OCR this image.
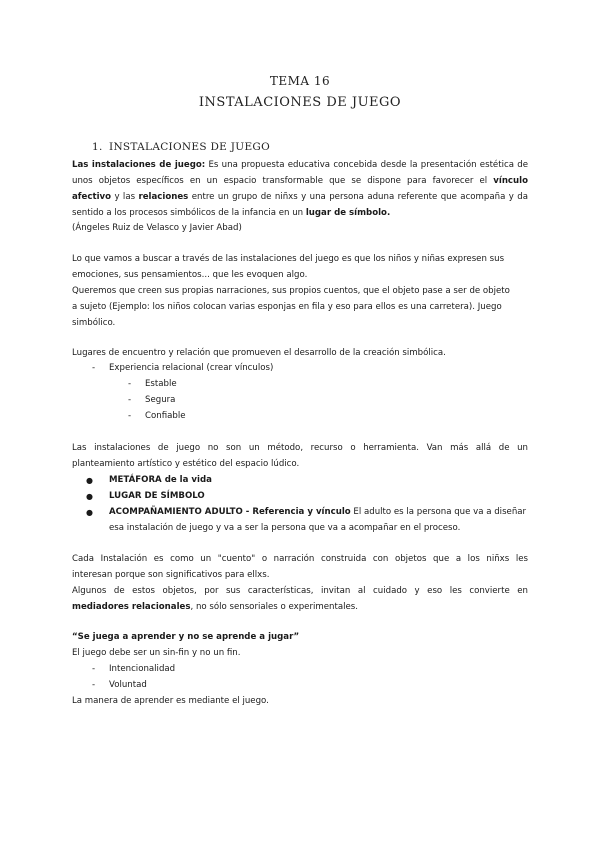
TEMA 16
INSTALACIONES DE JUEGO
1. INSTALACIONES DE JUEGO
Las instalaciones de juego: Es una propuesta educativa concebida desde la presentación estética de
unos objetos específicos en un espacio transformable que se dispone para favorecer el vínculo
afectivo y las relaciones entre un grupo de niñxs y una persona aduna referente que acompaña y da
sentido a los procesos simbólicos de la infancia en un lugar de símbolo.
(Ángeles Ruiz de Velasco y Javier Abad)
Lo que vamos a buscar a través de las instalaciones del juego es que los niños y niñas expresen sus
emociones, sus pensamientos... que les evoquen algo.
Queremos que creen sus propias narraciones, sus propios cuentos, que el objeto pase a ser de objeto
a sujeto (Ejemplo: los niños colocan varias esponjas en fila y eso para ellos es una carretera). Juego
simbólico.
Lugares de encuentro y relación que promueven el desarrollo de la creación simbólica.
- Experiencia relacional (crear vínculos)
- Estable
- Segura
- Confiable
Las instalaciones de juego no son un método, recurso o herramienta. Van más allá de un
planteamiento artístico y estético del espacio lúdico.
● METÁFORA de la vida
● LUGAR DE SÍMBOLO
● ACOMPAÑAMIENTO ADULTO - Referencia y vínculo El adulto es la persona que va a diseñar
esa instalación de juego y va a ser la persona que va a acompañar en el proceso.
Cada Instalación es como un "cuento" o narración construida con objetos que a los niñxs les
interesan porque son significativos para ellxs.
Algunos de estos objetos, por sus características, invitan al cuidado y eso les convierte en
mediadores relacionales, no sólo sensoriales o experimentales.
“Se juega a aprender y no se aprende a jugar”
El juego debe ser un sin-fin y no un fin.
- Intencionalidad
- Voluntad
La manera de aprender es mediante el juego.
